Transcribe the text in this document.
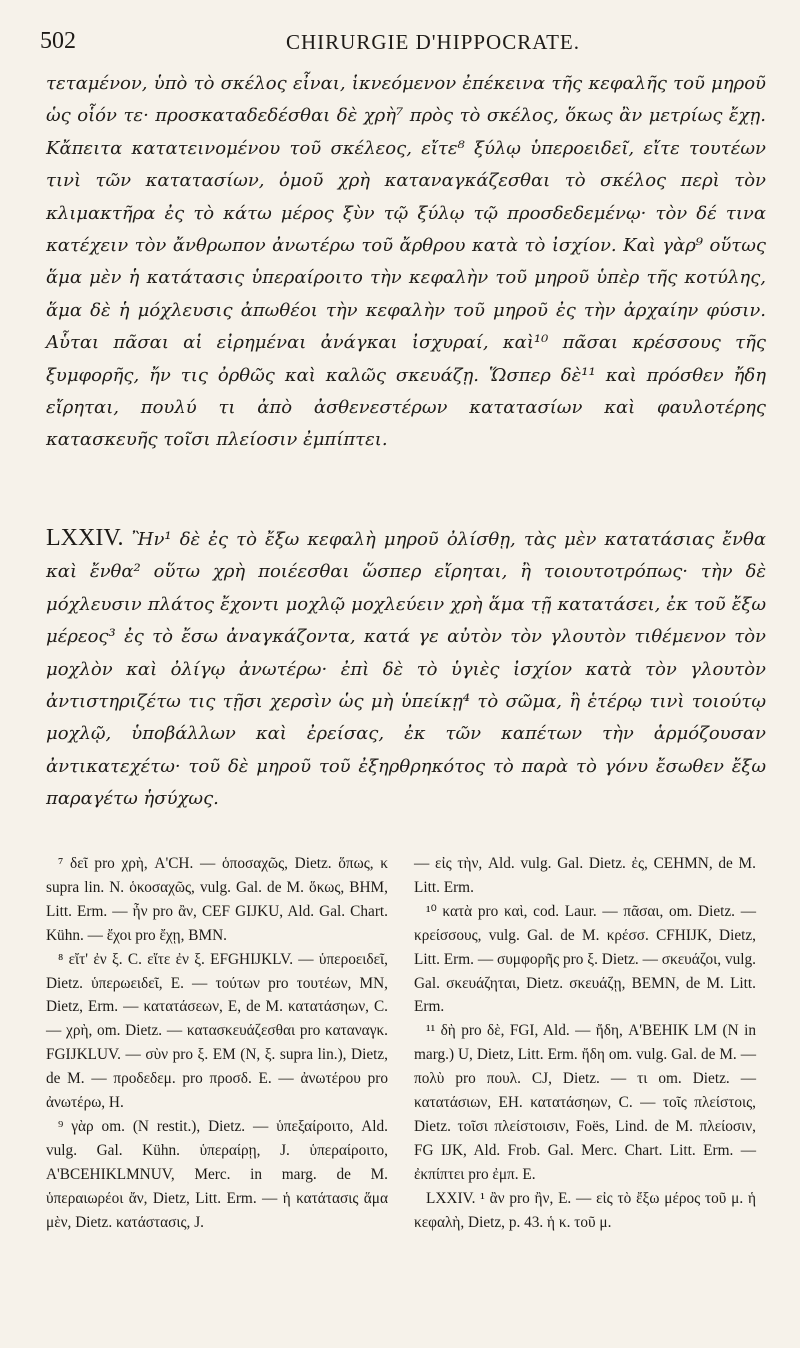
502	CHIRURGIE D'HIPPOCRATE.

τεταμένον, ὑπὸ τὸ σκέλος εἶναι, ἱκνεόμενον ἐπέκεινα τῆς κεφαλῆς τοῦ μηροῦ ὡς οἷόν τε· προσκαταδεδέσθαι δὲ χρὴ⁷ πρὸς τὸ σκέλος, ὅκως ἂν μετρίως ἔχῃ. Κἄπειτα κατατεινομένου τοῦ σκέλεος, εἴτε⁸ ξύλῳ ὑπεροειδεῖ, εἴτε τουτέων τινὶ τῶν κατατασίων, ὁμοῦ χρὴ καταναγκάζεσθαι τὸ σκέλος περὶ τὸν κλιμακτῆρα ἐς τὸ κάτω μέρος ξὺν τῷ ξύλῳ τῷ προσδεδεμένῳ· τὸν δέ τινα κατέχειν τὸν ἄνθρωπον ἀνωτέρω τοῦ ἄρθρου κατὰ τὸ ἰσχίον. Καὶ γὰρ⁹ οὕτως ἅμα μὲν ἡ κατάτασις ὑπεραίροιτο τὴν κεφαλὴν τοῦ μηροῦ ὑπὲρ τῆς κοτύλης, ἅμα δὲ ἡ μόχλευσις ἀπωθέοι τὴν κεφαλὴν τοῦ μηροῦ ἐς τὴν ἀρχαίην φύσιν. Αὗται πᾶσαι αἱ εἰρημέναι ἀνάγκαι ἰσχυραί, καὶ¹⁰ πᾶσαι κρέσσους τῆς ξυμφορῆς, ἤν τις ὀρθῶς καὶ καλῶς σκευάζῃ. Ὥσπερ δὲ¹¹ καὶ πρόσθεν ἤδη εἴρηται, πουλύ τι ἀπὸ ἀσθενεστέρων κατατασίων καὶ φαυλοτέρης κατασκευῆς τοῖσι πλείοσιν ἐμπίπτει.

LXXIV. Ἢν¹ δὲ ἐς τὸ ἔξω κεφαλὴ μηροῦ ὀλίσθῃ, τὰς μὲν κατατάσιας ἔνθα καὶ ἔνθα² οὕτω χρὴ ποιέεσθαι ὥσπερ εἴρηται, ἢ τοιουτοτρόπως· τὴν δὲ μόχλευσιν πλάτος ἔχοντι μοχλῷ μοχλεύειν χρὴ ἅμα τῇ κατατάσει, ἐκ τοῦ ἔξω μέρεος³ ἐς τὸ ἔσω ἀναγκάζοντα, κατά γε αὐτὸν τὸν γλουτὸν τιθέμενον τὸν μοχλὸν καὶ ὀλίγῳ ἀνωτέρω· ἐπὶ δὲ τὸ ὑγιὲς ἰσχίον κατὰ τὸν γλουτὸν ἀντιστηριζέτω τις τῇσι χερσὶν ὡς μὴ ὑπείκῃ⁴ τὸ σῶμα, ἢ ἑτέρῳ τινὶ τοιούτῳ μοχλῷ, ὑποβάλλων καὶ ἐρείσας, ἐκ τῶν καπέτων τὴν ἁρμόζουσαν ἀντικατεχέτω· τοῦ δὲ μηροῦ τοῦ ἐξηρθρηκότος τὸ παρὰ τὸ γόνυ ἔσωθεν ἔξω παραγέτω ἡσύχως.

⁷ δεῖ pro χρὴ, A'CH. — ὁποσαχῶς, Dietz. ὅπως, κ supra lin. N. ὁκοσαχῶς, vulg. Gal. de M. ὅκως, BHM, Litt. Erm. — ἦν pro ἂν, CEF GIJKU, Ald. Gal. Chart. Kühn. — ἔχοι pro ἔχῃ, BMN.

⁸ εἴτ' ἐν ξ. C. εἴτε ἐν ξ. EFGHIJKLV. — ὑπεροειδεῖ, Dietz. ὑπερωειδεῖ, E. — τούτων pro τουτέων, MN, Dietz, Erm. — κατατάσεων, E, de M. κατατάσηων, C. — χρὴ, om. Dietz. — κατασκευάζεσθαι pro καταναγκ. FGIJKLUV. — σὺν pro ξ. EM (N, ξ. supra lin.), Dietz, de M. — προδεδεμ. pro προσδ. E. — ἀνωτέρου pro ἀνωτέρω, H.

⁹ γὰρ om. (N restit.), Dietz. — ὑπεξαίροιτο, Ald. vulg. Gal. Kühn. ὑπεραίρῃ, J. ὑπεραίροιτο, A'BCEHIKLMNUV, Merc. in marg. de M. ὑπεραιωρέοι ἄν, Dietz, Litt. Erm. — ἡ κατάτασις ἅμα μὲν, Dietz. κατάστασις, J.

— εἰς τὴν, Ald. vulg. Gal. Dietz. ἐς, CEHMN, de M. Litt. Erm.

¹⁰ κατὰ pro καὶ, cod. Laur. — πᾶσαι, om. Dietz. — κρείσσους, vulg. Gal. de M. κρέσσ. CFHIJK, Dietz, Litt. Erm. — συμφορῆς pro ξ. Dietz. — σκευάζοι, vulg. Gal. σκευάζηται, Dietz. σκευάζῃ, BEMN, de M. Litt. Erm.

¹¹ δὴ pro δὲ, FGI, Ald. — ἤδη, A'BEHIK LM (N in marg.) U, Dietz, Litt. Erm. ἤδη om. vulg. Gal. de M. — πολὺ pro πουλ. CJ, Dietz. — τι om. Dietz. — κατατάσιων, EH. κατατάσηων, C. — τοῖς πλείστοις, Dietz. τοῖσι πλείστοισιν, Foës, Lind. de M. πλείοσιν, FG IJK, Ald. Frob. Gal. Merc. Chart. Litt. Erm. — ἐκπίπτει pro ἐμπ. E.

LXXIV. ¹ ἂν pro ἢν, E. — εἰς τὸ ἔξω μέρος τοῦ μ. ἡ κεφαλὴ, Dietz, p. 43. ἡ κ. τοῦ μ.
